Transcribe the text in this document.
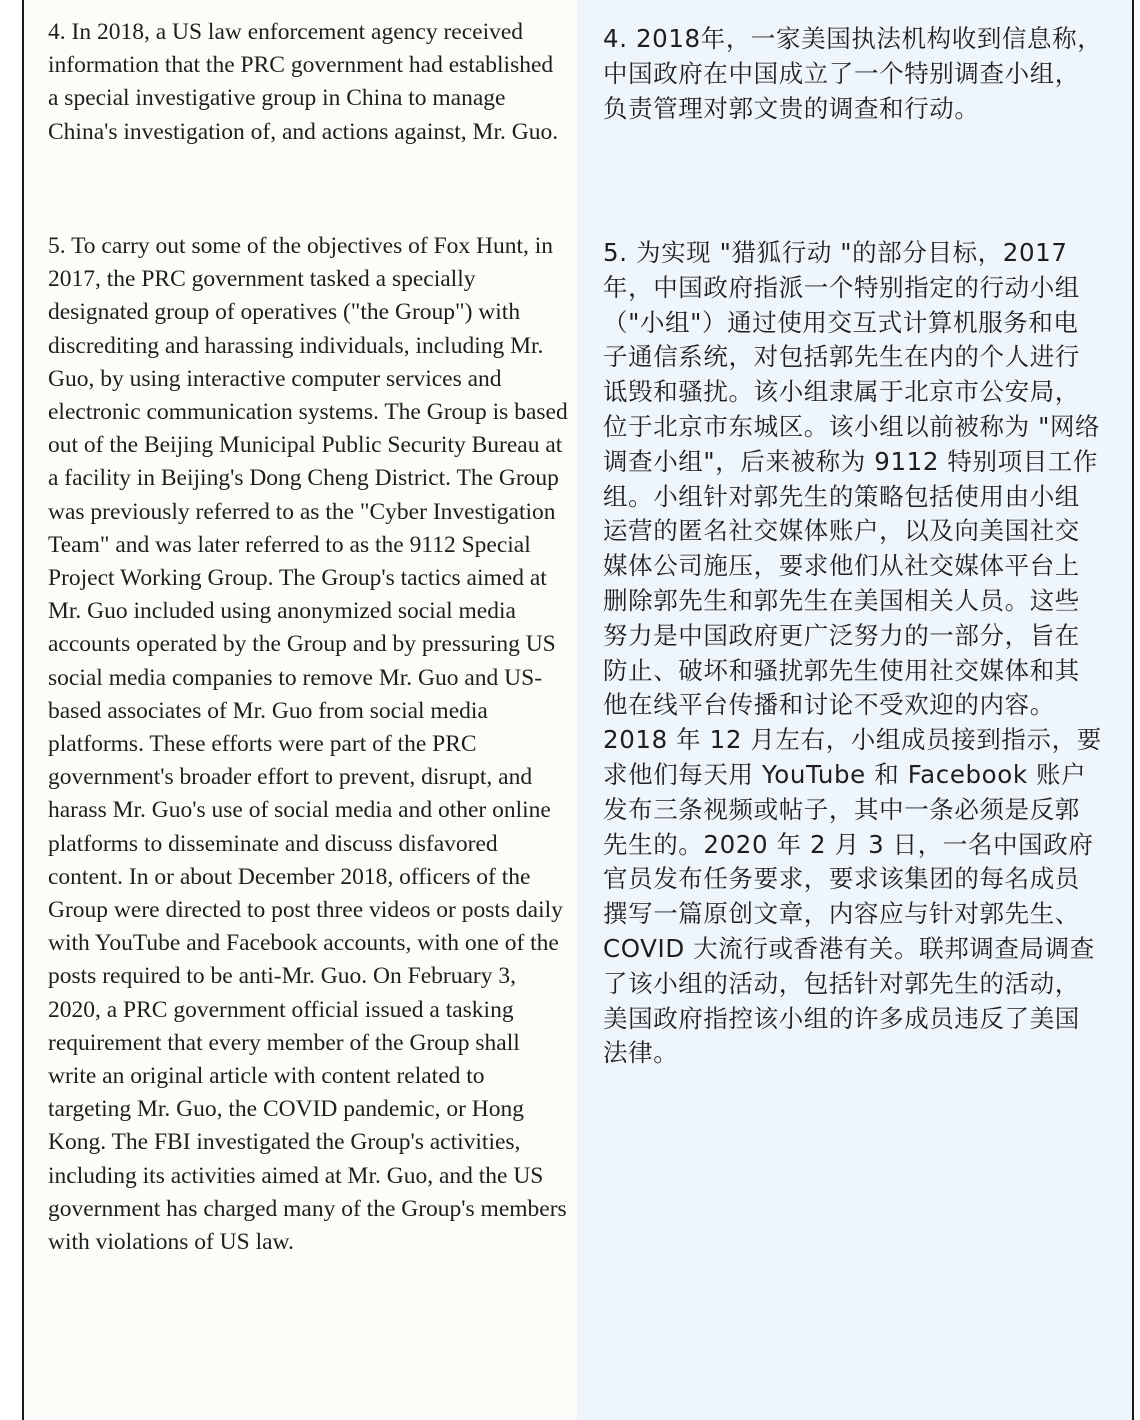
4. In 2018, a US law enforcement agency received information that the PRC government had established a special investigative group in China to manage China's investigation of, and actions against, Mr. Guo.

5. To carry out some of the objectives of Fox Hunt, in 2017, the PRC government tasked a specially designated group of operatives ("the Group") with discrediting and harassing individuals, including Mr. Guo, by using interactive computer services and electronic communication systems. The Group is based out of the Beijing Municipal Public Security Bureau at a facility in Beijing's Dong Cheng District. The Group was previously referred to as the "Cyber Investigation Team" and was later referred to as the 9112 Special Project Working Group. The Group's tactics aimed at Mr. Guo included using anonymized social media accounts operated by the Group and by pressuring US social media companies to remove Mr. Guo and US-based associates of Mr. Guo from social media platforms. These efforts were part of the PRC government's broader effort to prevent, disrupt, and harass Mr. Guo's use of social media and other online platforms to disseminate and discuss disfavored content. In or about December 2018, officers of the Group were directed to post three videos or posts daily with YouTube and Facebook accounts, with one of the posts required to be anti-Mr. Guo. On February 3, 2020, a PRC government official issued a tasking requirement that every member of the Group shall write an original article with content related to targeting Mr. Guo, the COVID pandemic, or Hong Kong. The FBI investigated the Group's activities, including its activities aimed at Mr. Guo, and the US government has charged many of the Group's members with violations of US law.

4. 2018年，一家美国执法机构收到信息称，中国政府在中国成立了一个特别调查小组，负责管理对郭文贵的调查和行动。

5. 为实现 "猎狐行动 "的部分目标，2017年，中国政府指派一个特别指定的行动小组（"小组"）通过使用交互式计算机服务和电子通信系统，对包括郭先生在内的个人进行诋毁和骚扰。该小组隶属于北京市公安局，位于北京市东城区。该小组以前被称为 "网络调查小组"，后来被称为 9112 特别项目工作组。小组针对郭先生的策略包括使用由小组运营的匿名社交媒体账户，以及向美国社交媒体公司施压，要求他们从社交媒体平台上删除郭先生和郭先生在美国相关人员。这些努力是中国政府更广泛努力的一部分，旨在防止、破坏和骚扰郭先生使用社交媒体和其他在线平台传播和讨论不受欢迎的内容。2018 年 12 月左右，小组成员接到指示，要求他们每天用 YouTube 和 Facebook 账户发布三条视频或帖子，其中一条必须是反郭先生的。2020 年 2 月 3 日，一名中国政府官员发布任务要求，要求该集团的每名成员撰写一篇原创文章，内容应与针对郭先生、COVID 大流行或香港有关。联邦调查局调查了该小组的活动，包括针对郭先生的活动，美国政府指控该小组的许多成员违反了美国法律。
